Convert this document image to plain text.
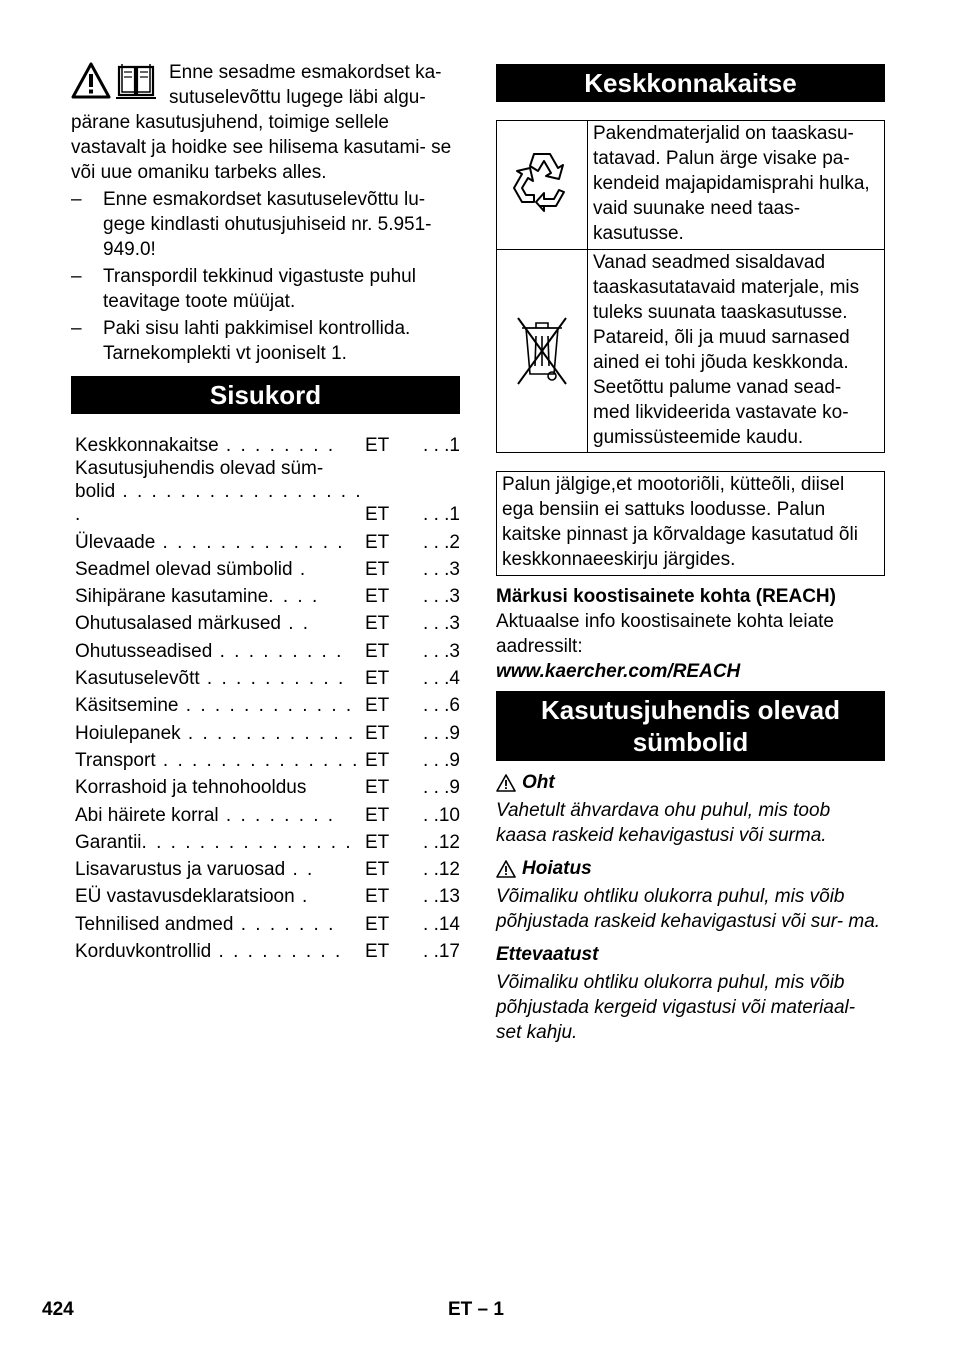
Enne sesadme esmakordset ka- sutuselevõttu lugege läbi algu- pärane kasutusjuhend, toimige sellele vastavalt ja hoidke see hilisema kasutami- se või uue omaniku tarbeks alles.

– Enne esmakordset kasutuselevõttu lu- gege kindlasti ohutusjuhiseid nr. 5.951- 949.0!
– Transpordil tekkinud vigastuste puhul teavitage toote müüjat.
– Paki sisu lahti pakkimisel kontrollida. Tarnekomplekti vt jooniselt 1.
Sisukord
Keskkonnakaitse . . . . . . . .	ET	. . .1
Kasutusjuhendis olevad süm- bolid . . . . . . . . . . . . . . . . . .	ET	. . .1
Ülevaade . . . . . . . . . . . . .	ET	. . .2
Seadmel olevad sümbolid .	ET	. . .3
Sihipärane kasutamine. . . .	ET	. . .3
Ohutusalased märkused . .	ET	. . .3
Ohutusseadised . . . . . . . . .	ET	. . .3
Kasutuselevõtt . . . . . . . . . .	ET	. . .4
Käsitsemine . . . . . . . . . . . .	ET	. . .6
Hoiulepanek . . . . . . . . . . . .	ET	. . .9
Transport . . . . . . . . . . . . . .	ET	. . .9
Korrashoid ja tehnohooldus	ET	. . .9
Abi häirete korral . . . . . . . .	ET	. .10
Garantii. . . . . . . . . . . . . . .	ET	. .12
Lisavarustus ja varuosad . .	ET	. .12
EÜ vastavusdeklaratsioon .	ET	. .13
Tehnilised andmed . . . . . . .	ET	. .14
Korduvkontrollid . . . . . . . . .	ET	. .17
Keskkonnakaitse
	Pakendmaterjalid on taaskasu- tatavad. Palun ärge visake pa- kendeid majapidamisprahi hulka, vaid suunake need taas- kasutusse.
	Vanad seadmed sisaldavad taaskasutatavaid materjale, mis tuleks suunata taaskasutusse. Patareid, õli ja muud sarnased ained ei tohi jõuda keskkonda. Seetõttu palume vanad sead- med likvideerida vastavate ko- gumissüsteemide kaudu.
Palun jälgige,et mootoriõli, kütteõli, diisel ega bensiin ei sattuks loodusse. Palun kaitske pinnast ja kõrvaldage kasutatud õli keskkonnaeeskirju järgides.
Märkusi koostisainete kohta (REACH)
Aktuaalse info koostisainete kohta leiate aadressilt:
www.kaercher.com/REACH
Kasutusjuhendis olevad sümbolid
Oht
Vahetult ähvardava ohu puhul, mis toob kaasa raskeid kehavigastusi või surma.
Hoiatus
Võimaliku ohtliku olukorra puhul, mis võib põhjustada raskeid kehavigastusi või sur- ma.
Ettevaatust
Võimaliku ohtliku olukorra puhul, mis võib põhjustada kergeid vigastusi või materiaal- set kahju.
424	ET – 1
